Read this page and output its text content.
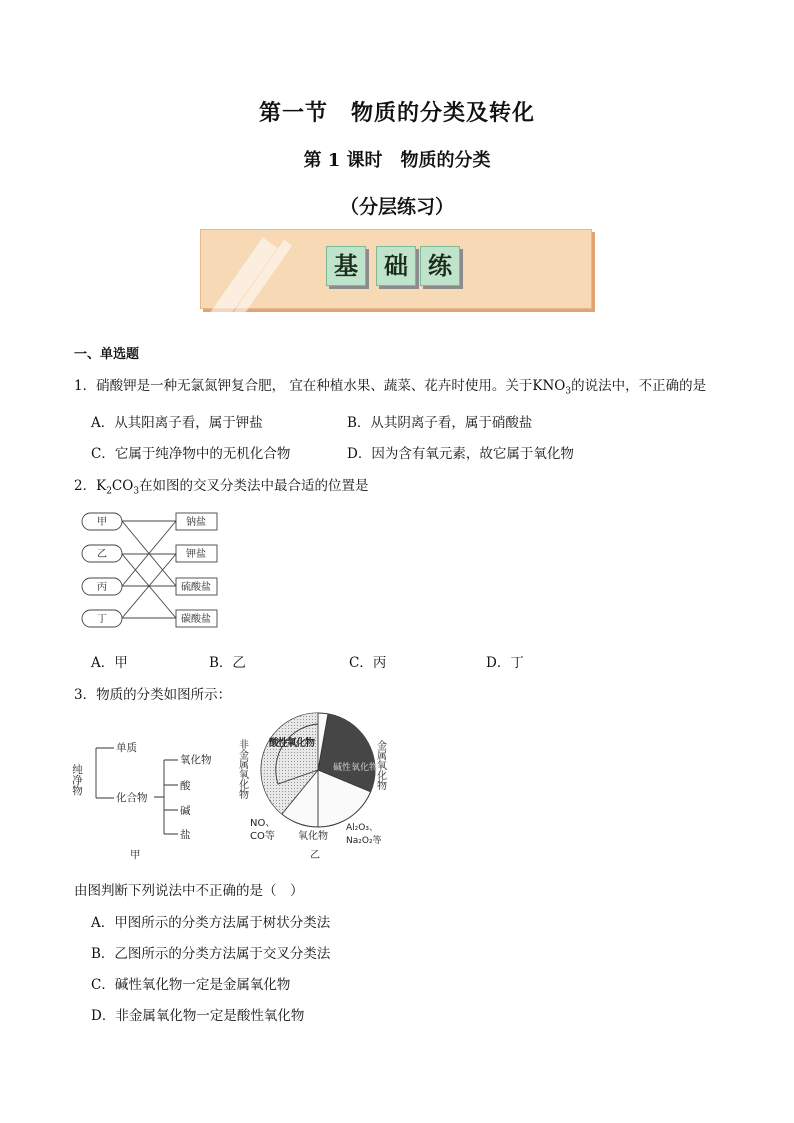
第一节　物质的分类及转化
第 1 课时　物质的分类
（分层练习）
基	础 练
一、单选题
1．硝酸钾是一种无氯氮钾复合肥， 宜在种植水果、蔬菜、花卉时使用。关于$KNO_3$的说法中，不正确的是
A．从其阳离子看，属于钾盐	B．从其阴离子看，属于硝酸盐
C．它属于纯净物中的无机化合物	D．因为含有氧元素，故它属于氧化物
2．$K_2CO_3$在如图的交叉分类法中最合适的位置是
甲
乙
丙
丁
钠盐
钾盐
硫酸盐
碳酸盐
A．甲	B．乙	C．丙	D．丁
3．物质的分类如图所示：
纯净物
单质
化合物
氧化物
酸
碱
盐
甲
非金属氧化物	金属氧化物
酸性氧化物
碱性氧化物
NO、
CO等 氧化物
Al₂O₃、
Na₂O₂等
乙
由图判断下列说法中不正确的是（　）
A．甲图所示的分类方法属于树状分类法
B．乙图所示的分类方法属于交叉分类法
C．碱性氧化物一定是金属氧化物
D．非金属氧化物一定是酸性氧化物
